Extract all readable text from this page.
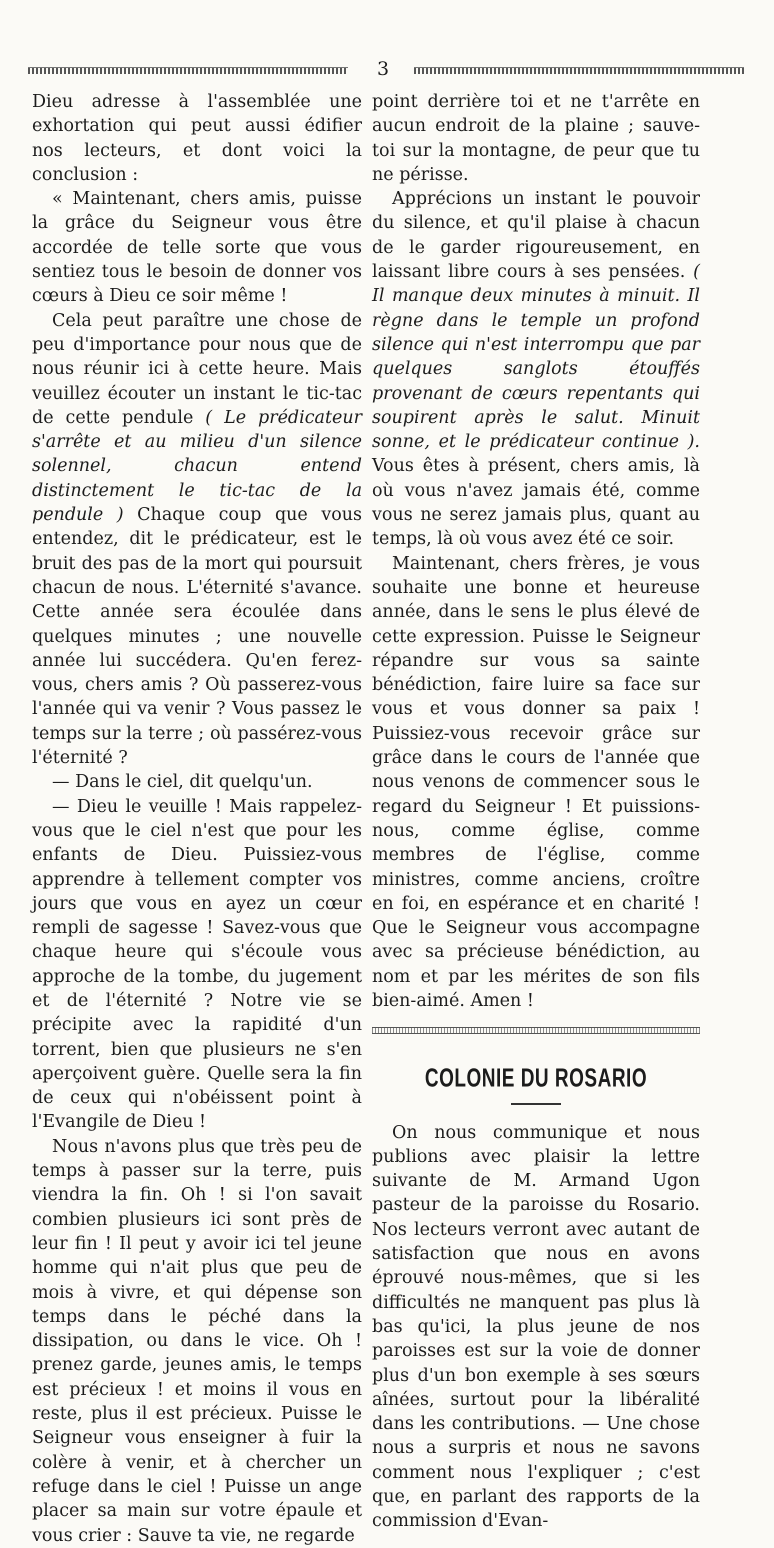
3

Dieu adresse à l'assemblée une exhortation qui peut aussi édifier nos lecteurs, et dont voici la conclusion :

« Maintenant, chers amis, puisse la grâce du Seigneur vous être accordée de telle sorte que vous sentiez tous le besoin de donner vos cœurs à Dieu ce soir même !

Cela peut paraître une chose de peu d'importance pour nous que de nous réunir ici à cette heure. Mais veuillez écouter un instant le tic-tac de cette pendule ( Le prédicateur s'arrête et au milieu d'un silence solennel, chacun entend distinctement le tic-tac de la pendule ) Chaque coup que vous entendez, dit le prédicateur, est le bruit des pas de la mort qui poursuit chacun de nous. L'éternité s'avance. Cette année sera écoulée dans quelques minutes ; une nouvelle année lui succédera. Qu'en ferez-vous, chers amis ? Où passerez-vous l'année qui va venir ? Vous passez le temps sur la terre ; où passérez-vous l'éternité ?

— Dans le ciel, dit quelqu'un.

— Dieu le veuille ! Mais rappelez-vous que le ciel n'est que pour les enfants de Dieu. Puissiez-vous apprendre à tellement compter vos jours que vous en ayez un cœur rempli de sagesse ! Savez-vous que chaque heure qui s'écoule vous approche de la tombe, du jugement et de l'éternité ? Notre vie se précipite avec la rapidité d'un torrent, bien que plusieurs ne s'en aperçoivent guère. Quelle sera la fin de ceux qui n'obéissent point à l'Evangile de Dieu !

Nous n'avons plus que très peu de temps à passer sur la terre, puis viendra la fin. Oh ! si l'on savait combien plusieurs ici sont près de leur fin ! Il peut y avoir ici tel jeune homme qui n'ait plus que peu de mois à vivre, et qui dépense son temps dans le péché dans la dissipation, ou dans le vice. Oh ! prenez garde, jeunes amis, le temps est précieux ! et moins il vous en reste, plus il est précieux. Puisse le Seigneur vous enseigner à fuir la colère à venir, et à chercher un refuge dans le ciel ! Puisse un ange placer sa main sur votre épaule et vous crier : Sauve ta vie, ne regarde

point derrière toi et ne t'arrête en aucun endroit de la plaine ; sauve-toi sur la montagne, de peur que tu ne périsse.

Apprécions un instant le pouvoir du silence, et qu'il plaise à chacun de le garder rigoureusement, en laissant libre cours à ses pensées. ( Il manque deux minutes à minuit. Il règne dans le temple un profond silence qui n'est interrompu que par quelques sanglots étouffés provenant de cœurs repentants qui soupirent après le salut. Minuit sonne, et le prédicateur continue ). Vous êtes à présent, chers amis, là où vous n'avez jamais été, comme vous ne serez jamais plus, quant au temps, là où vous avez été ce soir.

Maintenant, chers frères, je vous souhaite une bonne et heureuse année, dans le sens le plus élevé de cette expression. Puisse le Seigneur répandre sur vous sa sainte bénédiction, faire luire sa face sur vous et vous donner sa paix ! Puissiez-vous recevoir grâce sur grâce dans le cours de l'année que nous venons de commencer sous le regard du Seigneur ! Et puissions-nous, comme église, comme membres de l'église, comme ministres, comme anciens, croître en foi, en espérance et en charité ! Que le Seigneur vous accompagne avec sa précieuse bénédiction, au nom et par les mérites de son fils bien-aimé. Amen !

COLONIE DU ROSARIO

On nous communique et nous publions avec plaisir la lettre suivante de M. Armand Ugon pasteur de la paroisse du Rosario. Nos lecteurs verront avec autant de satisfaction que nous en avons éprouvé nous-mêmes, que si les difficultés ne manquent pas plus là bas qu'ici, la plus jeune de nos paroisses est sur la voie de donner plus d'un bon exemple à ses sœurs aînées, surtout pour la libéralité dans les contributions. — Une chose nous a surpris et nous ne savons comment nous l'expliquer ; c'est que, en parlant des rapports de la commission d'Evan-
